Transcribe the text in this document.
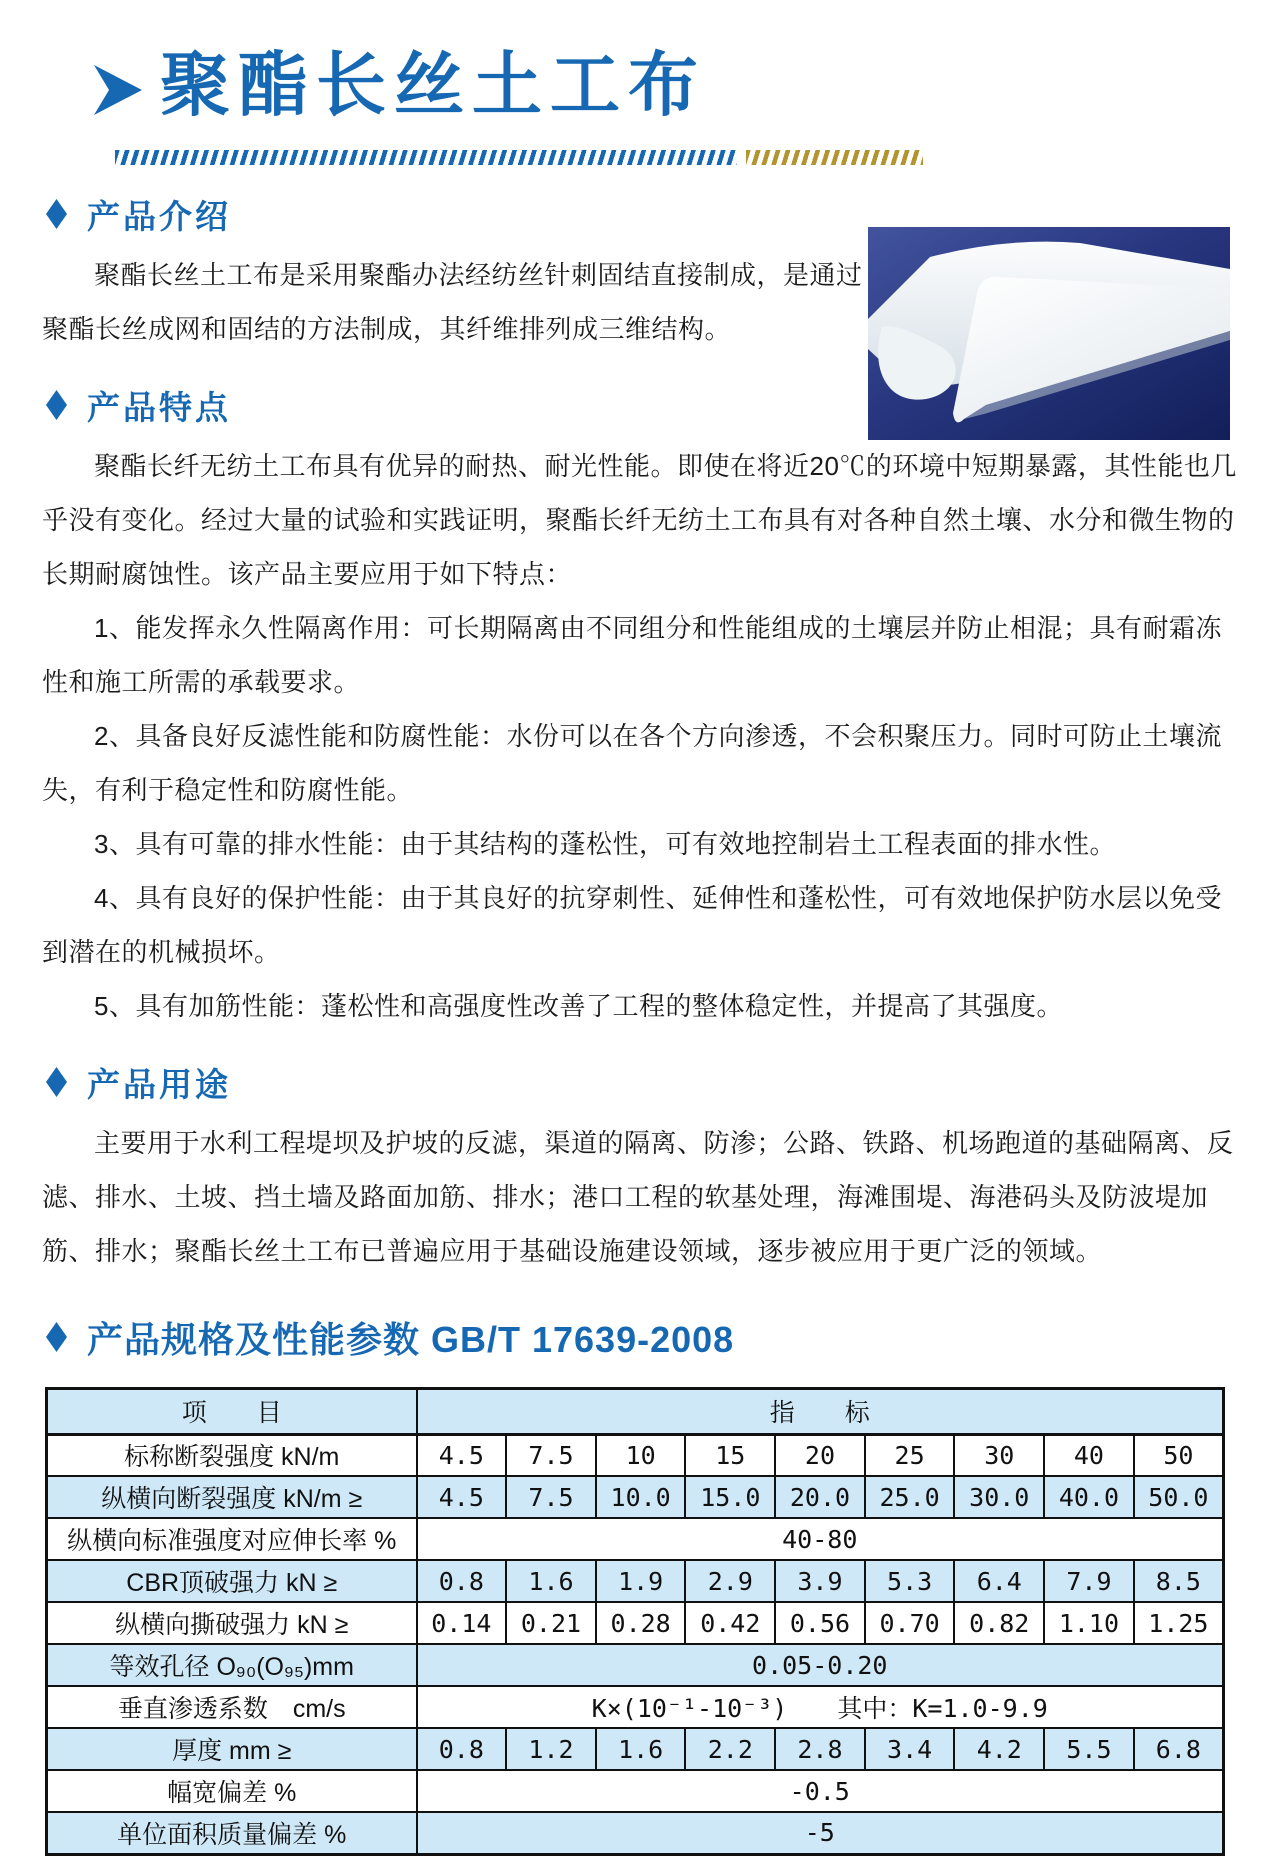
聚酯长丝土工布
产品介绍

聚酯长丝土工布是采用聚酯办法经纺丝针刺固结直接制成，是通过聚酯长丝成网和固结的方法制成，其纤维排列成三维结构。

产品特点

聚酯长纤无纺土工布具有优异的耐热、耐光性能。即使在将近20℃的环境中短期暴露，其性能也几乎没有变化。经过大量的试验和实践证明，聚酯长纤无纺土工布具有对各种自然土壤、水分和微生物的长期耐腐蚀性。该产品主要应用于如下特点：

1、能发挥永久性隔离作用：可长期隔离由不同组分和性能组成的土壤层并防止相混；具有耐霜冻性和施工所需的承载要求。

2、具备良好反滤性能和防腐性能：水份可以在各个方向渗透，不会积聚压力。同时可防止土壤流失，有利于稳定性和防腐性能。

3、具有可靠的排水性能：由于其结构的蓬松性，可有效地控制岩土工程表面的排水性。

4、具有良好的保护性能：由于其良好的抗穿刺性、延伸性和蓬松性，可有效地保护防水层以免受到潜在的机械损坏。

5、具有加筋性能：蓬松性和高强度性改善了工程的整体稳定性，并提高了其强度。

产品用途

主要用于水利工程堤坝及护坡的反滤，渠道的隔离、防渗；公路、铁路、机场跑道的基础隔离、反滤、排水、土坡、挡土墙及路面加筋、排水；港口工程的软基处理，海滩围堤、海港码头及防波堤加筋、排水；聚酯长丝土工布已普遍应用于基础设施建设领域，逐步被应用于更广泛的领域。

产品规格及性能参数 GB/T 17639-2008
项　　目	指　　标								
标称断裂强度 kN/m	4.5	7.5	10	15	20	25	30	40	50
纵横向断裂强度 kN/m ≥	4.5	7.5	10.0	15.0	20.0	25.0	30.0	40.0	50.0
纵横向标准强度对应伸长率 %	40-80								
CBR顶破强力 kN ≥	0.8	1.6	1.9	2.9	3.9	5.3	6.4	7.9	8.5
纵横向撕破强力 kN ≥	0.14	0.21	0.28	0.42	0.56	0.70	0.82	1.10	1.25
等效孔径 O₉₀(O₉₅)mm	0.05-0.20								
垂直渗透系数　cm/s	K×(10⁻¹-10⁻³)　　其中：K=1.0-9.9								
厚度 mm ≥	0.8	1.2	1.6	2.2	2.8	3.4	4.2	5.5	6.8
幅宽偏差 %	-0.5								
单位面积质量偏差 %	-5								
